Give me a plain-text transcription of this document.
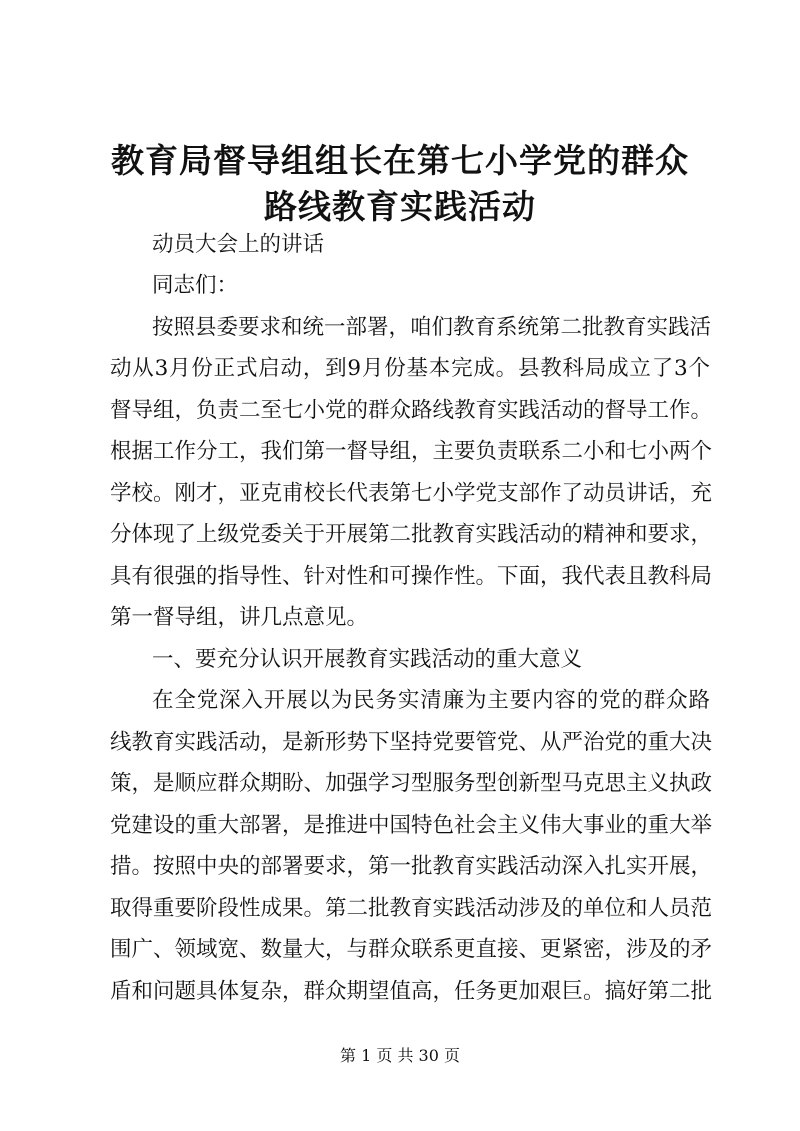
教育局督导组组长在第七小学党的群众路线教育实践活动

动员大会上的讲话

同志们：

按照县委要求和统一部署，咱们教育系统第二批教育实践活

动从3月份正式启动，到9月份基本完成。县教科局成立了3个

督导组，负责二至七小党的群众路线教育实践活动的督导工作。

根据工作分工，我们第一督导组，主要负责联系二小和七小两个

学校。刚才，亚克甫校长代表第七小学党支部作了动员讲话，充

分体现了上级党委关于开展第二批教育实践活动的精神和要求，

具有很强的指导性、针对性和可操作性。下面，我代表且教科局

第一督导组，讲几点意见。

一、要充分认识开展教育实践活动的重大意义

在全党深入开展以为民务实清廉为主要内容的党的群众路

线教育实践活动，是新形势下坚持党要管党、从严治党的重大决

策，是顺应群众期盼、加强学习型服务型创新型马克思主义执政

党建设的重大部署，是推进中国特色社会主义伟大事业的重大举

措。按照中央的部署要求，第一批教育实践活动深入扎实开展，

取得重要阶段性成果。第二批教育实践活动涉及的单位和人员范

围广、领域宽、数量大，与群众联系更直接、更紧密，涉及的矛

盾和问题具体复杂，群众期望值高，任务更加艰巨。搞好第二批

第 1 页 共 30 页
